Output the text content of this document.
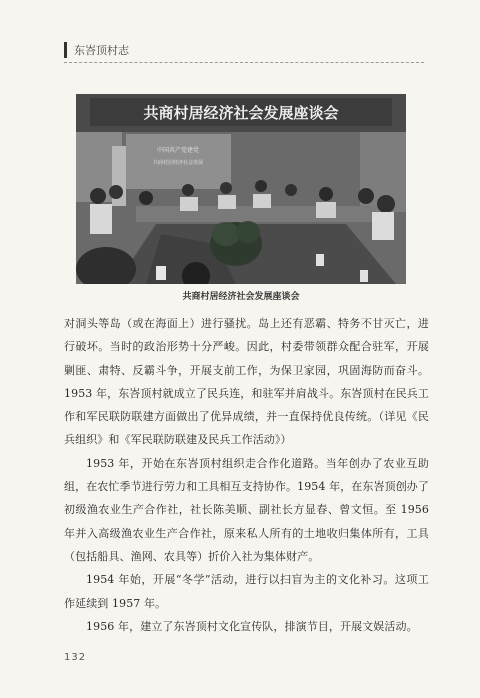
东峇顶村志
共商村居经济社会发展座谈会
中国共产党建党
共商村居经济社会发展
共商村居经济社会发展座谈会

对洞头等岛（或在海面上）进行骚扰。岛上还有恶霸、特务不甘灭亡，进行破坏。当时的政治形势十分严峻。因此，村委带领群众配合驻军，开展剿匪、肃特、反霸斗争，开展支前工作，为保卫家园，巩固海防而奋斗。1953 年，东峇顶村就成立了民兵连，和驻军并肩战斗。东峇顶村在民兵工作和军民联防联建方面做出了优异成绩，并一直保持优良传统。（详见《民兵组织》和《军民联防联建及民兵工作活动》）

1953 年，开始在东峇顶村组织走合作化道路。当年创办了农业互助组，在农忙季节进行劳力和工具相互支持协作。1954 年，在东峇顶创办了初级渔农业生产合作社，社长陈美顺、副社长方显春、曾文恒。至 1956 年并入高级渔农业生产合作社，原来私人所有的土地收归集体所有，工具（包括船具、渔网、农具等）折价入社为集体财产。

1954 年始，开展“冬学”活动，进行以扫盲为主的文化补习。这项工作延续到 1957 年。

1956 年，建立了东峇顶村文化宣传队，排演节目，开展文娱活动。

132
